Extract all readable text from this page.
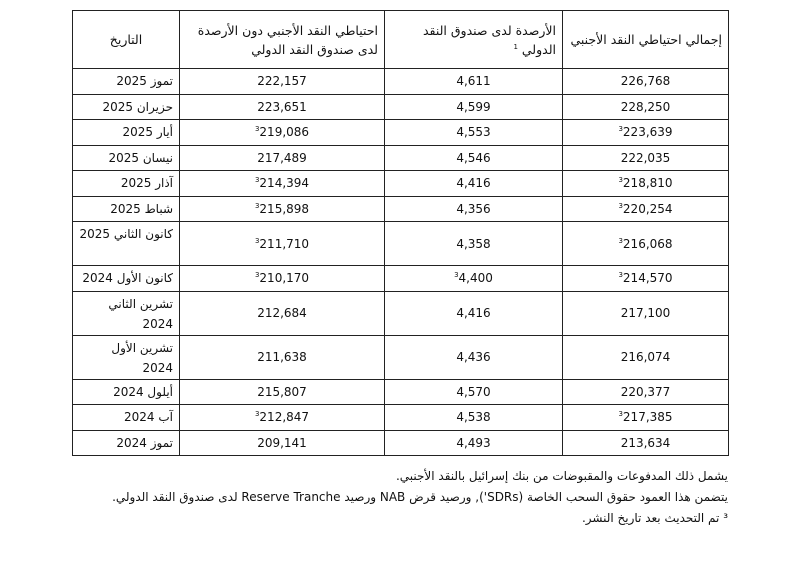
التاريخ	احتياطي النقد الأجنبي دون الأرصدة لدى صندوق النقد الدولي	الأرصدة لدى صندوق النقد الدولي $^1$	إجمالي احتياطي النقد الأجنبي
تموز 2025	222,157	4,611	226,768
حزيران 2025	223,651	4,599	228,250
أيار 2025	$^3$219,086	4,553	$^3$223,639
نيسان 2025	217,489	4,546	222,035
آذار 2025	$^3$214,394	4,416	$^3$218,810
شباط 2025	$^3$215,898	4,356	$^3$220,254
كانون الثاني 2025	$^3$211,710	4,358	$^3$216,068
كانون الأول 2024	$^3$210,170	$^3$4,400	$^3$214,570
تشرين الثاني 2024	212,684	4,416	217,100
تشرين الأول 2024	211,638	4,436	216,074
أيلول 2024	215,807	4,570	220,377
آب 2024	$^3$212,847	4,538	$^3$217,385
تموز 2024	209,141	4,493	213,634

يشمل ذلك المدفوعات والمقبوضات من بنك إسرائيل بالنقد الأجنبي.

يتضمن هذا العمود حقوق السحب الخاصة (SDRs'), ورصيد قرض NAB ورصيد Reserve Tranche لدى صندوق النقد الدولي.

³ تم التحديث بعد تاريخ النشر.
